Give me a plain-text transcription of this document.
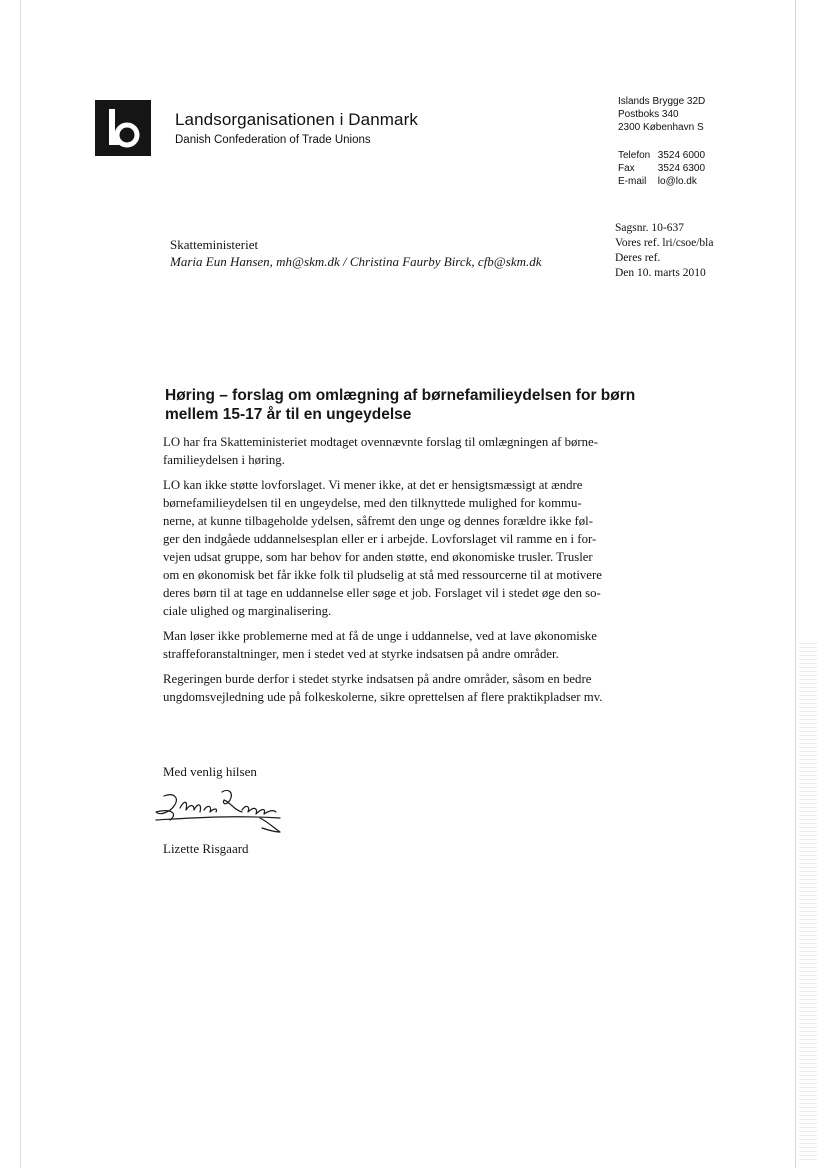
Landsorganisationen i Danmark
Danish Confederation of Trade Unions
Islands Brygge 32D
Postboks 340
2300 København S
Telefon 3524 6000
Fax 3524 6300
E-mail lo@lo.dk
Sagsnr. 10-637
Vores ref. lri/csoe/bla
Deres ref.
Den 10. marts 2010
Skatteministeriet
Maria Eun Hansen, mh@skm.dk / Christina Faurby Birck, cfb@skm.dk
Høring – forslag om omlægning af børnefamilieydelsen for børn
mellem 15-17 år til en ungeydelse
LO har fra Skatteministeriet modtaget ovennævnte forslag til omlægningen af børne-
familieydelsen i høring.
LO kan ikke støtte lovforslaget. Vi mener ikke, at det er hensigtsmæssigt at ændre
børnefamilieydelsen til en ungeydelse, med den tilknyttede mulighed for kommu-
nerne, at kunne tilbageholde ydelsen, såfremt den unge og dennes forældre ikke føl-
ger den indgåede uddannelsesplan eller er i arbejde. Lovforslaget vil ramme en i for-
vejen udsat gruppe, som har behov for anden støtte, end økonomiske trusler. Trusler
om en økonomisk bet får ikke folk til pludselig at stå med ressourcerne til at motivere
deres børn til at tage en uddannelse eller søge et job. Forslaget vil i stedet øge den so-
ciale ulighed og marginalisering.
Man løser ikke problemerne med at få de unge i uddannelse, ved at lave økonomiske
straffeforanstaltninger, men i stedet ved at styrke indsatsen på andre områder.
Regeringen burde derfor i stedet styrke indsatsen på andre områder, såsom en bedre
ungdomsvejledning ude på folkeskolerne, sikre oprettelsen af flere praktikpladser mv.
Med venlig hilsen
Lizette Risgaard
